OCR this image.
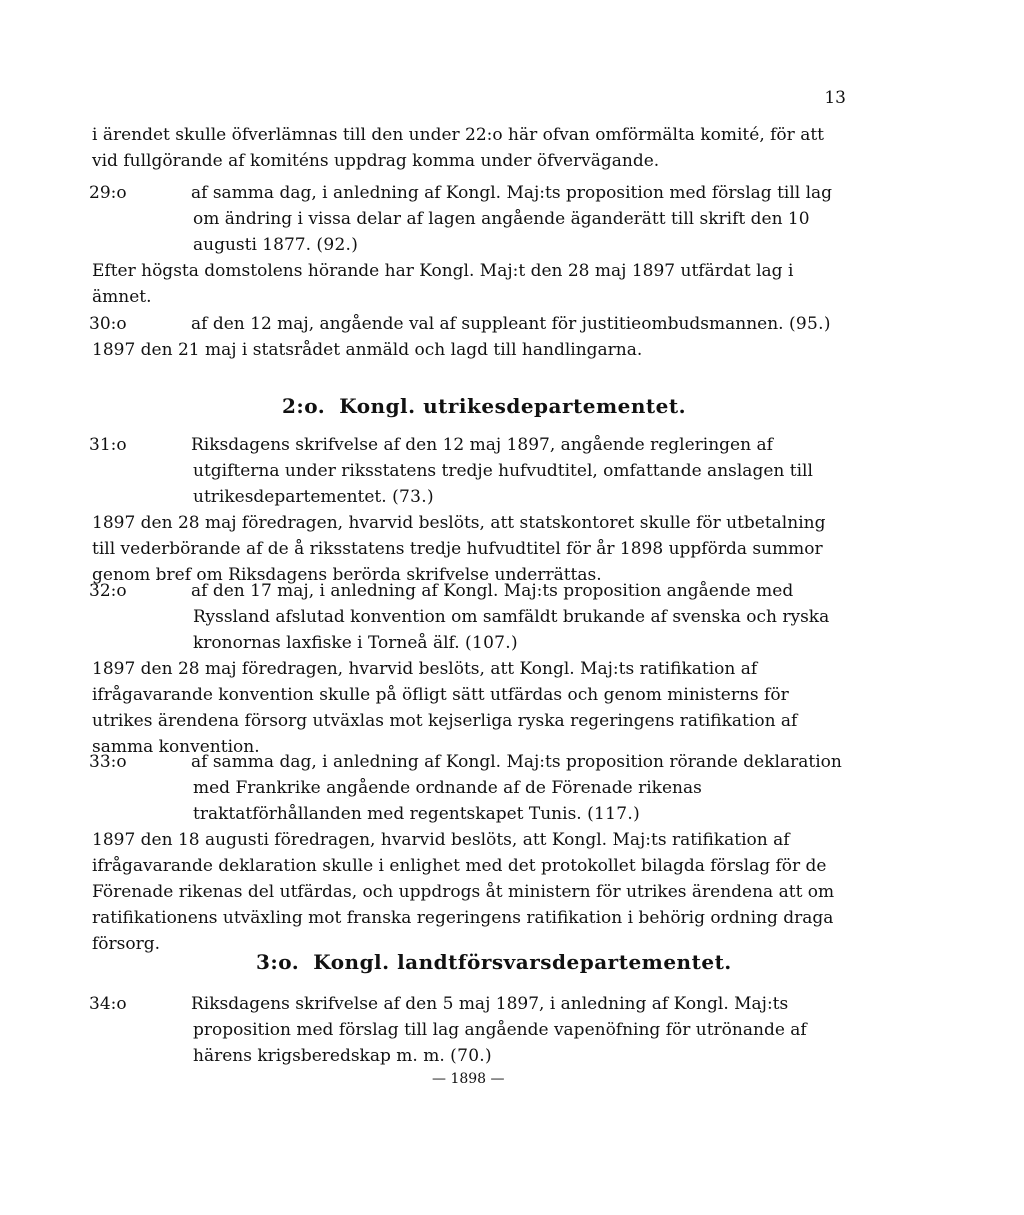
13
i ärendet skulle öfverlämnas till den under 22:o här ofvan omförmälta komité, för att
vid fullgörande af komiténs uppdrag komma under öfvervägande.
29:o	af samma dag, i anledning af Kongl. Maj:ts proposition med förslag till lag om ändring i vissa delar af lagen angående äganderätt till skrift den 10 augusti 1877. (92.)
Efter högsta domstolens hörande har Kongl. Maj:t den 28 maj 1897 utfärdat lag i ämnet.
30:o	af den 12 maj, angående val af suppleant för justitieombudsmannen. (95.)
1897 den 21 maj i statsrådet anmäld och lagd till handlingarna.
2:o. Kongl. utrikesdepartementet.
31:o	Riksdagens skrifvelse af den 12 maj 1897, angående regleringen af utgifterna under riksstatens tredje hufvudtitel, omfattande anslagen till utrikesdepartementet. (73.)
1897 den 28 maj föredragen, hvarvid beslöts, att statskontoret skulle för utbetalning till vederbörande af de å riksstatens tredje hufvudtitel för år 1898 uppförda summor genom bref om Riksdagens berörda skrifvelse underrättas.
32:o	af den 17 maj, i anledning af Kongl. Maj:ts proposition angående med Ryssland afslutad konvention om samfäldt brukande af svenska och ryska kronornas laxfiske i Torneå älf. (107.)
1897 den 28 maj föredragen, hvarvid beslöts, att Kongl. Maj:ts ratifikation af ifrågavarande konvention skulle på öfligt sätt utfärdas och genom ministerns för utrikes ärendena försorg utväxlas mot kejserliga ryska regeringens ratifikation af samma konvention.
33:o	af samma dag, i anledning af Kongl. Maj:ts proposition rörande deklaration med Frankrike angående ordnande af de Förenade rikenas traktatförhållanden med regentskapet Tunis. (117.)
1897 den 18 augusti föredragen, hvarvid beslöts, att Kongl. Maj:ts ratifikation af ifrågavarande deklaration skulle i enlighet med det protokollet bilagda förslag för de Förenade rikenas del utfärdas, och uppdrogs åt ministern för utrikes ärendena att om ratifikationens utväxling mot franska regeringens ratifikation i behörig ordning draga försorg.
3:o. Kongl. landtförsvarsdepartementet.
34:o	Riksdagens skrifvelse af den 5 maj 1897, i anledning af Kongl. Maj:ts proposition med förslag till lag angående vapenöfning för utrönande af härens krigsberedskap m. m. (70.)
— 1898 —
